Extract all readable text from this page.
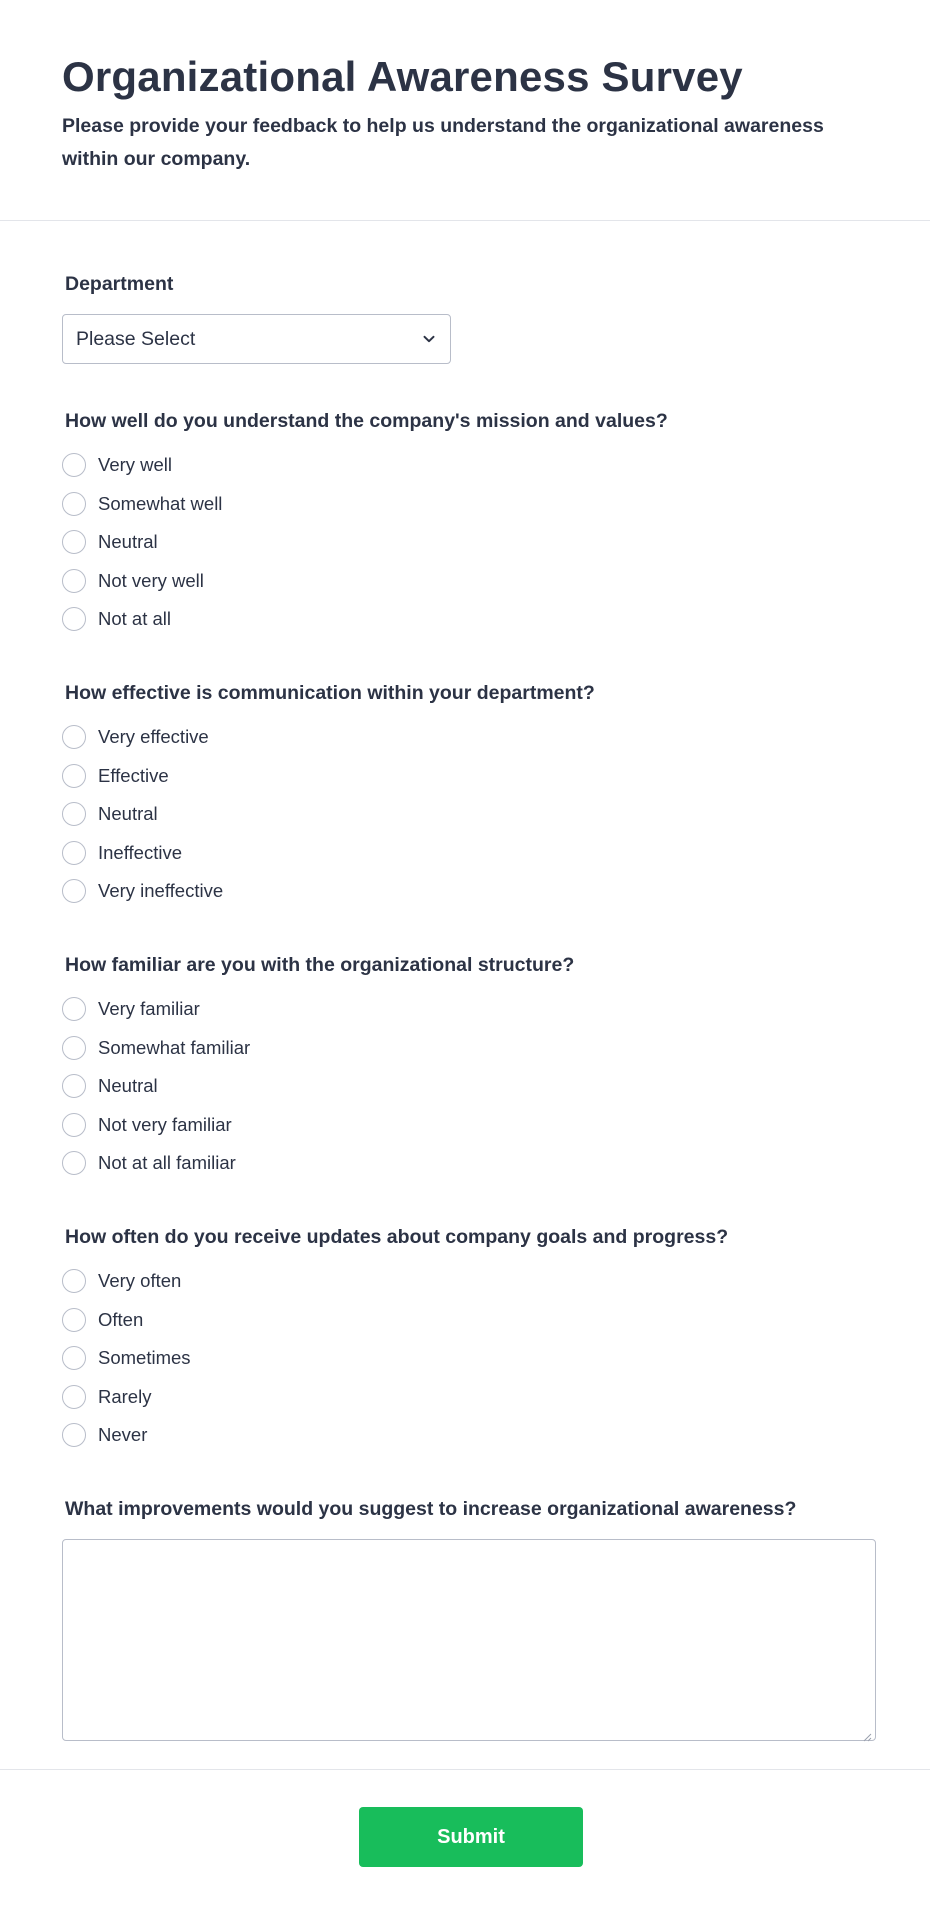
Organizational Awareness Survey
Please provide your feedback to help us understand the organizational awareness within our company.
Department
Please Select
How well do you understand the company's mission and values?
Very well
Somewhat well
Neutral
Not very well
Not at all
How effective is communication within your department?
Very effective
Effective
Neutral
Ineffective
Very ineffective
How familiar are you with the organizational structure?
Very familiar
Somewhat familiar
Neutral
Not very familiar
Not at all familiar
How often do you receive updates about company goals and progress?
Very often
Often
Sometimes
Rarely
Never
What improvements would you suggest to increase organizational awareness?
Submit
